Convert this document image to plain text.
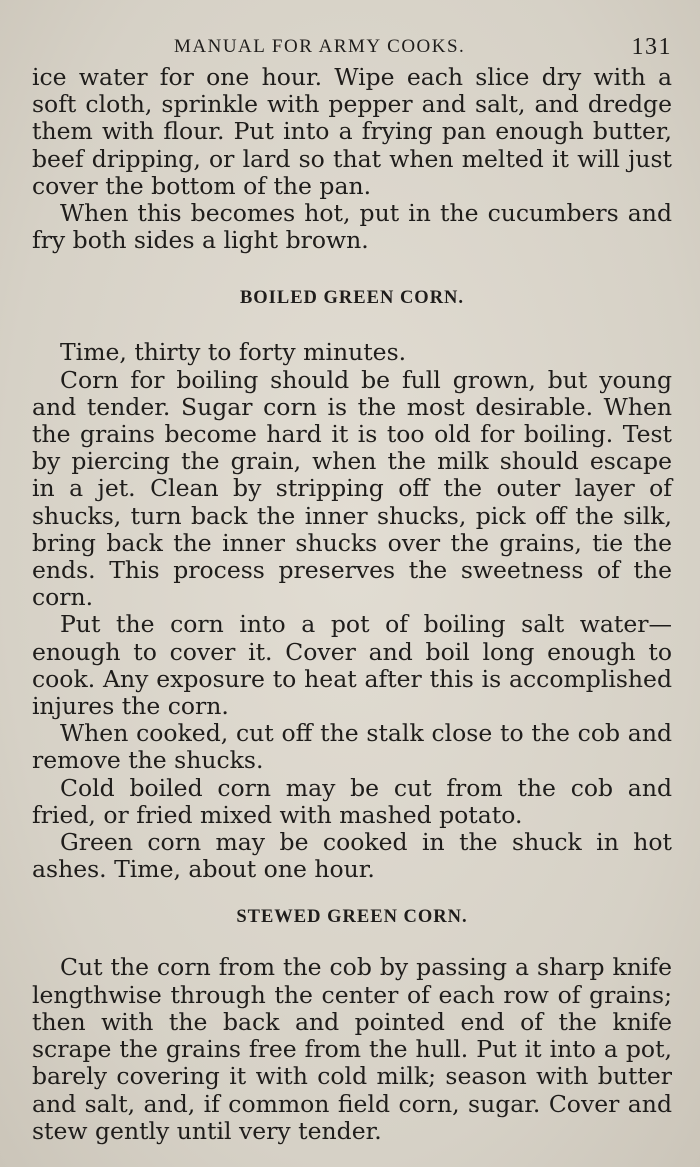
MANUAL FOR ARMY COOKS.	131

ice water for one hour. Wipe each slice dry with a soft cloth, sprinkle with pepper and salt, and dredge them with flour. Put into a frying pan enough butter, beef dripping, or lard so that when melted it will just cover the bottom of the pan.

When this becomes hot, put in the cucumbers and fry both sides a light brown.

BOILED GREEN CORN.

Time, thirty to forty minutes.

Corn for boiling should be full grown, but young and tender. Sugar corn is the most desirable. When the grains become hard it is too old for boiling. Test by piercing the grain, when the milk should escape in a jet. Clean by stripping off the outer layer of shucks, turn back the inner shucks, pick off the silk, bring back the inner shucks over the grains, tie the ends. This process preserves the sweetness of the corn.

Put the corn into a pot of boiling salt water—enough to cover it. Cover and boil long enough to cook. Any exposure to heat after this is accomplished injures the corn.

When cooked, cut off the stalk close to the cob and remove the shucks.

Cold boiled corn may be cut from the cob and fried, or fried mixed with mashed potato.

Green corn may be cooked in the shuck in hot ashes. Time, about one hour.

STEWED GREEN CORN.

Cut the corn from the cob by passing a sharp knife lengthwise through the center of each row of grains; then with the back and pointed end of the knife scrape the grains free from the hull. Put it into a pot, barely covering it with cold milk; season with butter and salt, and, if common field corn, sugar. Cover and stew gently until very tender.
